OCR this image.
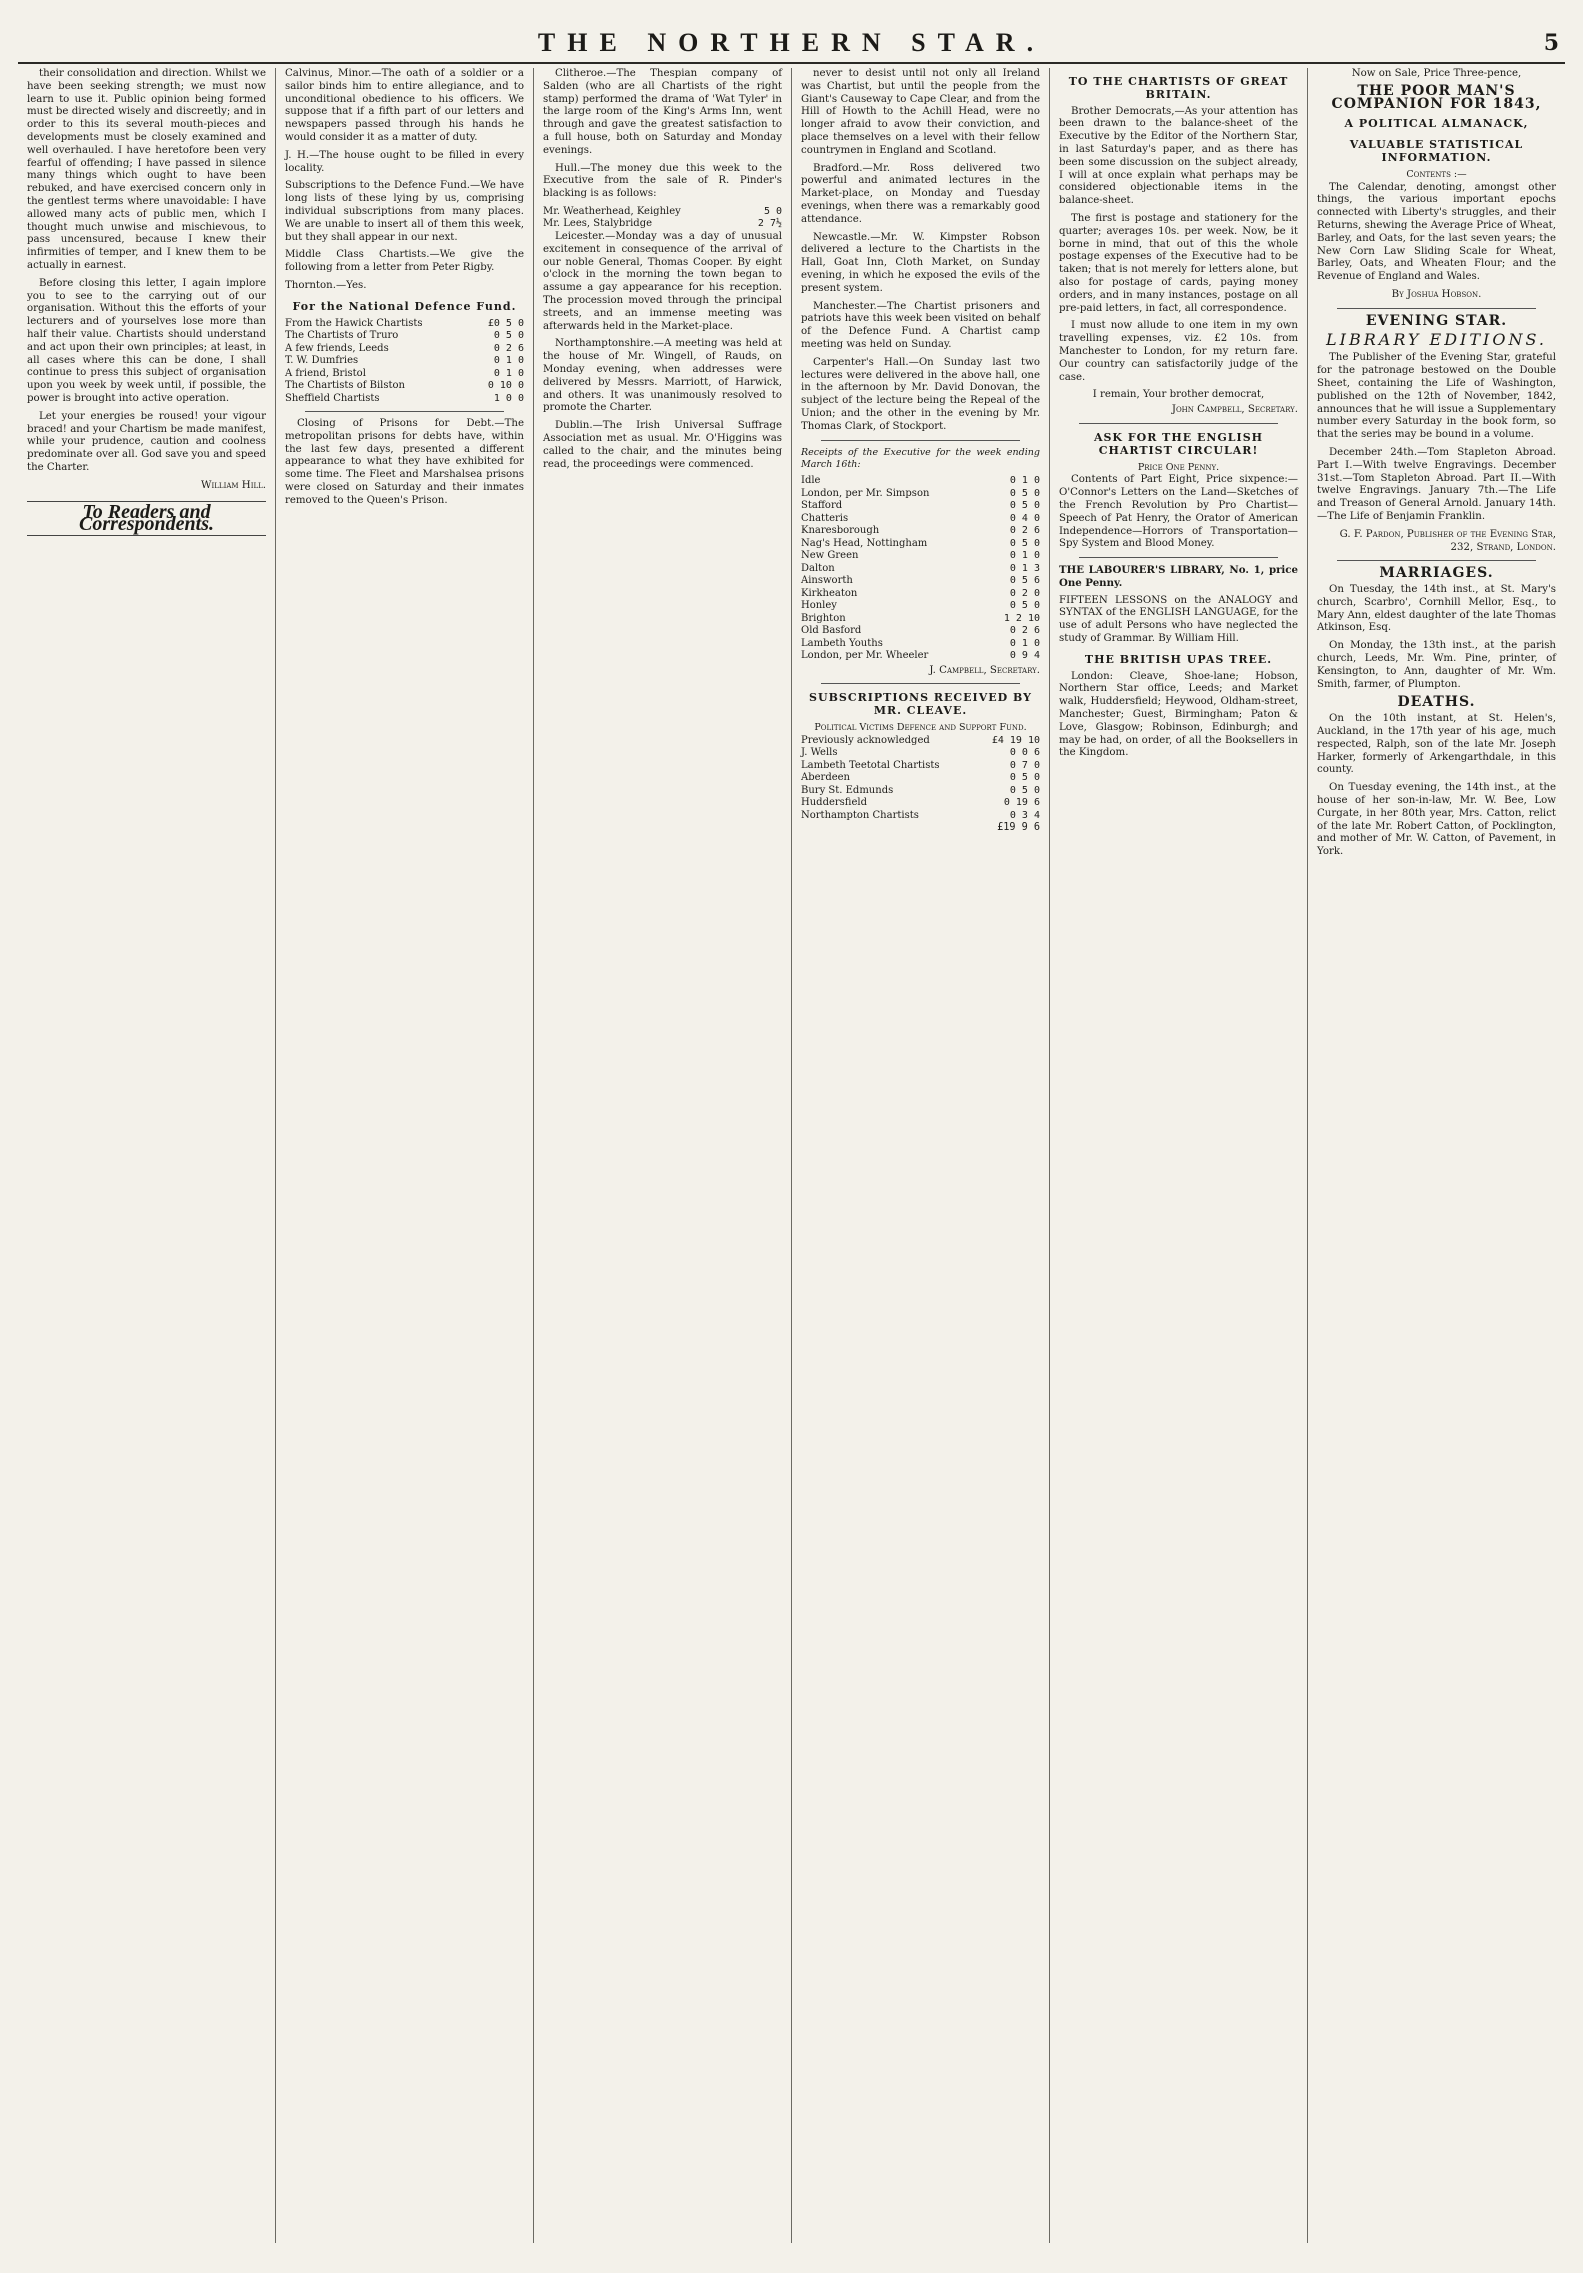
THE NORTHERN STAR.	5

their consolidation and direction. Whilst we have been seeking strength; we must now learn to use it. Public opinion being formed must be directed wisely and discreetly; and in order to this its several mouth-pieces and developments must be closely examined and well overhauled. I have heretofore been very fearful of offending; I have passed in silence many things which ought to have been rebuked, and have exercised concern only in the gentlest terms where unavoidable: I have allowed many acts of public men, which I thought much unwise and mischievous, to pass uncensured, because I knew their infirmities of temper, and I knew them to be actually in earnest.

Before closing this letter, I again implore you to see to the carrying out of our organisation. Without this the efforts of your lecturers and of yourselves lose more than half their value. Chartists should understand and act upon their own principles; at least, in all cases where this can be done, I shall continue to press this subject of organisation upon you week by week until, if possible, the power is brought into active operation.

Let your energies be roused! your vigour braced! and your Chartism be made manifest, while your prudence, caution and coolness predominate over all. God save you and speed the Charter.

William Hill.
To Readers and Correspondents.

Calvinus, Minor.—The oath of a soldier or a sailor binds him to entire allegiance, and to unconditional obedience to his officers. We suppose that if a fifth part of our letters and newspapers passed through his hands he would consider it as a matter of duty.

J. H.—The house ought to be filled in every locality.

Subscriptions to the Defence Fund.—We have long lists of these lying by us, comprising individual subscriptions from many places. We are unable to insert all of them this week, but they shall appear in our next.

Middle Class Chartists.—We give the following from a letter from Peter Rigby.

Thornton.—Yes.

For the National Defence Fund.
From the Hawick Chartists	£0 5 0
The Chartists of Truro	0 5 0
A few friends, Leeds	0 2 6
T. W. Dumfries	0 1 0
A friend, Bristol	0 1 0
The Chartists of Bilston	0 10 0
Sheffield Chartists	1 0 0

Closing of Prisons for Debt.—The metropolitan prisons for debts have, within the last few days, presented a different appearance to what they have exhibited for some time. The Fleet and Marshalsea prisons were closed on Saturday and their inmates removed to the Queen's Prison.

Clitheroe.—The Thespian company of Salden (who are all Chartists of the right stamp) performed the drama of 'Wat Tyler' in the large room of the King's Arms Inn, went through and gave the greatest satisfaction to a full house, both on Saturday and Monday evenings.

Hull.—The money due this week to the Executive from the sale of R. Pinder's blacking is as follows:

Mr. Weatherhead, Keighley	5 0
Mr. Lees, Stalybridge	2 7½

Leicester.—Monday was a day of unusual excitement in consequence of the arrival of our noble General, Thomas Cooper. By eight o'clock in the morning the town began to assume a gay appearance for his reception. The procession moved through the principal streets, and an immense meeting was afterwards held in the Market-place.

Northamptonshire.—A meeting was held at the house of Mr. Wingell, of Rauds, on Monday evening, when addresses were delivered by Messrs. Marriott, of Harwick, and others. It was unanimously resolved to promote the Charter.

Dublin.—The Irish Universal Suffrage Association met as usual. Mr. O'Higgins was called to the chair, and the minutes being read, the proceedings were commenced.

never to desist until not only all Ireland was Chartist, but until the people from the Giant's Causeway to Cape Clear, and from the Hill of Howth to the Achill Head, were no longer afraid to avow their conviction, and place themselves on a level with their fellow countrymen in England and Scotland.

Bradford.—Mr. Ross delivered two powerful and animated lectures in the Market-place, on Monday and Tuesday evenings, when there was a remarkably good attendance.

Newcastle.—Mr. W. Kimpster Robson delivered a lecture to the Chartists in the Hall, Goat Inn, Cloth Market, on Sunday evening, in which he exposed the evils of the present system.

Manchester.—The Chartist prisoners and patriots have this week been visited on behalf of the Defence Fund. A Chartist camp meeting was held on Sunday.

Carpenter's Hall.—On Sunday last two lectures were delivered in the above hall, one in the afternoon by Mr. David Donovan, the subject of the lecture being the Repeal of the Union; and the other in the evening by Mr. Thomas Clark, of Stockport.

Receipts of the Executive for the week ending March 16th:
Idle	0 1 0
London, per Mr. Simpson	0 5 0
Stafford	0 5 0
Chatteris	0 4 0
Knaresborough	0 2 6
Nag's Head, Nottingham	0 5 0
New Green	0 1 0
Dalton	0 1 3
Ainsworth	0 5 6
Kirkheaton	0 2 0
Honley	0 5 0
Brighton	1 2 10
Old Basford	0 2 6
Lambeth Youths	0 1 0
London, per Mr. Wheeler	0 9 4
J. Campbell, Secretary.
SUBSCRIPTIONS RECEIVED BY MR. CLEAVE.
Political Victims Defence and Support Fund.
Previously acknowledged	£4 19 10
J. Wells	0 0 6
Lambeth Teetotal Chartists	0 7 0
Aberdeen	0 5 0
Bury St. Edmunds	0 5 0
Huddersfield	0 19 6
Northampton Chartists	0 3 4
£19 9 6
TO THE CHARTISTS OF GREAT BRITAIN.

Brother Democrats,—As your attention has been drawn to the balance-sheet of the Executive by the Editor of the Northern Star, in last Saturday's paper, and as there has been some discussion on the subject already, I will at once explain what perhaps may be considered objectionable items in the balance-sheet.

The first is postage and stationery for the quarter; averages 10s. per week. Now, be it borne in mind, that out of this the whole postage expenses of the Executive had to be taken; that is not merely for letters alone, but also for postage of cards, paying money orders, and in many instances, postage on all pre-paid letters, in fact, all correspondence.

I must now allude to one item in my own travelling expenses, viz. £2 10s. from Manchester to London, for my return fare. Our country can satisfactorily judge of the case.

I remain, Your brother democrat,
John Campbell, Secretary.
ASK FOR THE ENGLISH CHARTIST CIRCULAR!
Price One Penny.

Contents of Part Eight, Price sixpence:—O'Connor's Letters on the Land—Sketches of the French Revolution by Pro Chartist—Speech of Pat Henry, the Orator of American Independence—Horrors of Transportation—Spy System and Blood Money.

THE LABOURER'S LIBRARY, No. 1, price One Penny.

FIFTEEN LESSONS on the ANALOGY and SYNTAX of the ENGLISH LANGUAGE, for the use of adult Persons who have neglected the study of Grammar. By William Hill.

THE BRITISH UPAS TREE.

London: Cleave, Shoe-lane; Hobson, Northern Star office, Leeds; and Market walk, Huddersfield; Heywood, Oldham-street, Manchester; Guest, Birmingham; Paton & Love, Glasgow; Robinson, Edinburgh; and may be had, on order, of all the Booksellers in the Kingdom.

Now on Sale, Price Three-pence,
THE POOR MAN'S COMPANION FOR 1843,
A POLITICAL ALMANACK,
VALUABLE STATISTICAL INFORMATION.
Contents :—

The Calendar, denoting, amongst other things, the various important epochs connected with Liberty's struggles, and their Returns, shewing the Average Price of Wheat, Barley, and Oats, for the last seven years; the New Corn Law Sliding Scale for Wheat, Barley, Oats, and Wheaten Flour; and the Revenue of England and Wales.

By Joshua Hobson.
EVENING STAR.
LIBRARY EDITIONS.

The Publisher of the Evening Star, grateful for the patronage bestowed on the Double Sheet, containing the Life of Washington, published on the 12th of November, 1842, announces that he will issue a Supplementary number every Saturday in the book form, so that the series may be bound in a volume.

December 24th.—Tom Stapleton Abroad. Part I.—With twelve Engravings. December 31st.—Tom Stapleton Abroad. Part II.—With twelve Engravings. January 7th.—The Life and Treason of General Arnold. January 14th.—The Life of Benjamin Franklin.

G. F. Pardon, Publisher of the Evening Star, 232, Strand, London.
MARRIAGES.

On Tuesday, the 14th inst., at St. Mary's church, Scarbro', Cornhill Mellor, Esq., to Mary Ann, eldest daughter of the late Thomas Atkinson, Esq.

On Monday, the 13th inst., at the parish church, Leeds, Mr. Wm. Pine, printer, of Kensington, to Ann, daughter of Mr. Wm. Smith, farmer, of Plumpton.

DEATHS.

On the 10th instant, at St. Helen's, Auckland, in the 17th year of his age, much respected, Ralph, son of the late Mr. Joseph Harker, formerly of Arkengarthdale, in this county.

On Tuesday evening, the 14th inst., at the house of her son-in-law, Mr. W. Bee, Low Curgate, in her 80th year, Mrs. Catton, relict of the late Mr. Robert Catton, of Pocklington, and mother of Mr. W. Catton, of Pavement, in York.
